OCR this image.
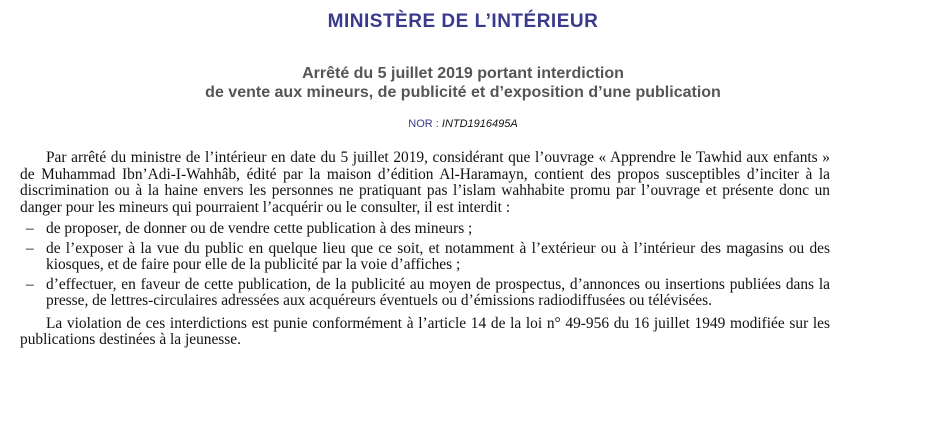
MINISTÈRE DE L’INTÉRIEUR
Arrêté du 5 juillet 2019 portant interdiction
de vente aux mineurs, de publicité et d’exposition d’une publication
NOR : INTD1916495A

Par arrêté du ministre de l’intérieur en date du 5 juillet 2019, considérant que l’ouvrage « Apprendre le Tawhid aux enfants » de Muhammad Ibn’Adi-I-Wahhâb, édité par la maison d’édition Al-Haramayn, contient des propos susceptibles d’inciter à la discrimination ou à la haine envers les personnes ne pratiquant pas l’islam wahhabite promu par l’ouvrage et présente donc un danger pour les mineurs qui pourraient l’acquérir ou le consulter, il est interdit :

– de proposer, de donner ou de vendre cette publication à des mineurs ;
– de l’exposer à la vue du public en quelque lieu que ce soit, et notamment à l’extérieur ou à l’intérieur des magasins ou des kiosques, et de faire pour elle de la publicité par la voie d’affiches ;
– d’effectuer, en faveur de cette publication, de la publicité au moyen de prospectus, d’annonces ou insertions publiées dans la presse, de lettres-circulaires adressées aux acquéreurs éventuels ou d’émissions radiodiffusées ou télévisées.

La violation de ces interdictions est punie conformément à l’article 14 de la loi n° 49-956 du 16 juillet 1949 modifiée sur les publications destinées à la jeunesse.
